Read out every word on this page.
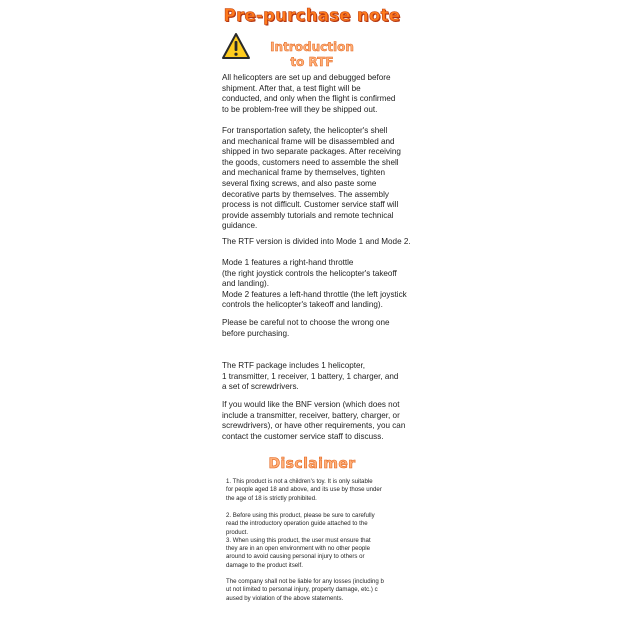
Pre-purchase note
Introduction
to RTF
All helicopters are set up and debugged before
shipment. After that, a test flight will be
conducted, and only when the flight is confirmed
to be problem-free will they be shipped out.
For transportation safety, the helicopter's shell
and mechanical frame will be disassembled and
shipped in two separate packages. After receiving
the goods, customers need to assemble the shell
and mechanical frame by themselves, tighten
several fixing screws, and also paste some
decorative parts by themselves. The assembly
process is not difficult. Customer service staff will
provide assembly tutorials and remote technical
guidance.
The RTF version is divided into Mode 1 and Mode 2.
Mode 1 features a right-hand throttle
(the right joystick controls the helicopter's takeoff
and landing).
Mode 2 features a left-hand throttle (the left joystick
controls the helicopter's takeoff and landing).
Please be careful not to choose the wrong one
before purchasing.
The RTF package includes 1 helicopter,
1 transmitter, 1 receiver, 1 battery, 1 charger, and
a set of screwdrivers.
If you would like the BNF version (which does not
include a transmitter, receiver, battery, charger, or
screwdrivers), or have other requirements, you can
contact the customer service staff to discuss.
Disclaimer
1. This product is not a children's toy. It is only suitable
for people aged 18 and above, and its use by those under
the age of 18 is strictly prohibited.
2. Before using this product, please be sure to carefully
read the introductory operation guide attached to the
product.
3. When using this product, the user must ensure that
they are in an open environment with no other people
around to avoid causing personal injury to others or
damage to the product itself.
The company shall not be liable for any losses (including b
ut not limited to personal injury, property damage, etc.) c
aused by violation of the above statements.
